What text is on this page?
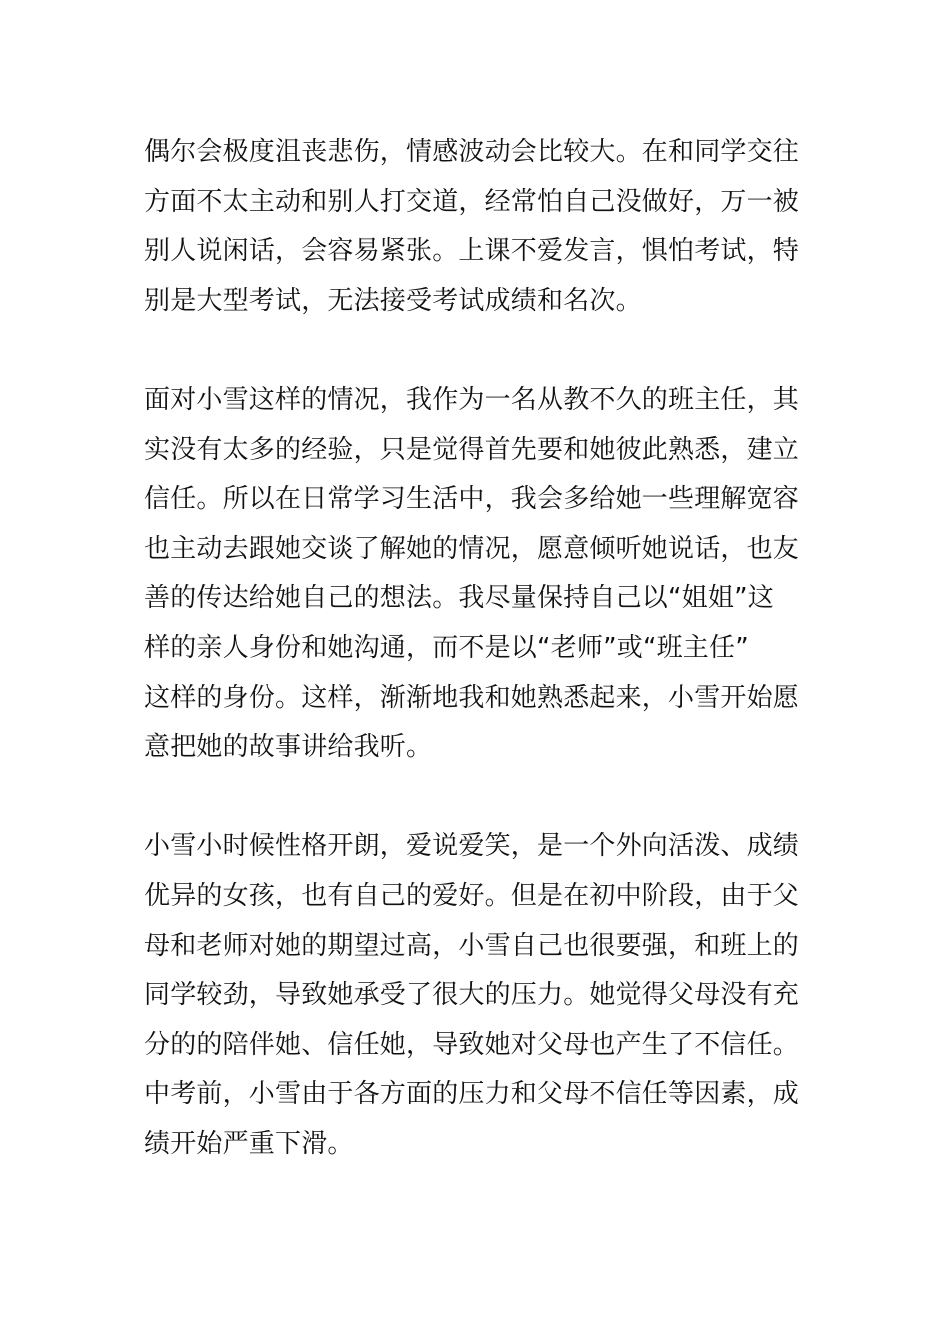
偶尔会极度沮丧悲伤，情感波动会比较大。在和同学交往
方面不太主动和别人打交道，经常怕自己没做好，万一被
别人说闲话，会容易紧张。上课不爱发言，惧怕考试，特
别是大型考试，无法接受考试成绩和名次。

面对小雪这样的情况，我作为一名从教不久的班主任，其
实没有太多的经验，只是觉得首先要和她彼此熟悉，建立
信任。所以在日常学习生活中，我会多给她一些理解宽容
也主动去跟她交谈了解她的情况，愿意倾听她说话，也友
善的传达给她自己的想法。我尽量保持自己以“姐姐”这
样的亲人身份和她沟通，而不是以“老师”或“班主任”
这样的身份。这样，渐渐地我和她熟悉起来，小雪开始愿
意把她的故事讲给我听。

小雪小时候性格开朗，爱说爱笑，是一个外向活泼、成绩
优异的女孩，也有自己的爱好。但是在初中阶段，由于父
母和老师对她的期望过高，小雪自己也很要强，和班上的
同学较劲，导致她承受了很大的压力。她觉得父母没有充
分的的陪伴她、信任她，导致她对父母也产生了不信任。
中考前，小雪由于各方面的压力和父母不信任等因素，成
绩开始严重下滑。
